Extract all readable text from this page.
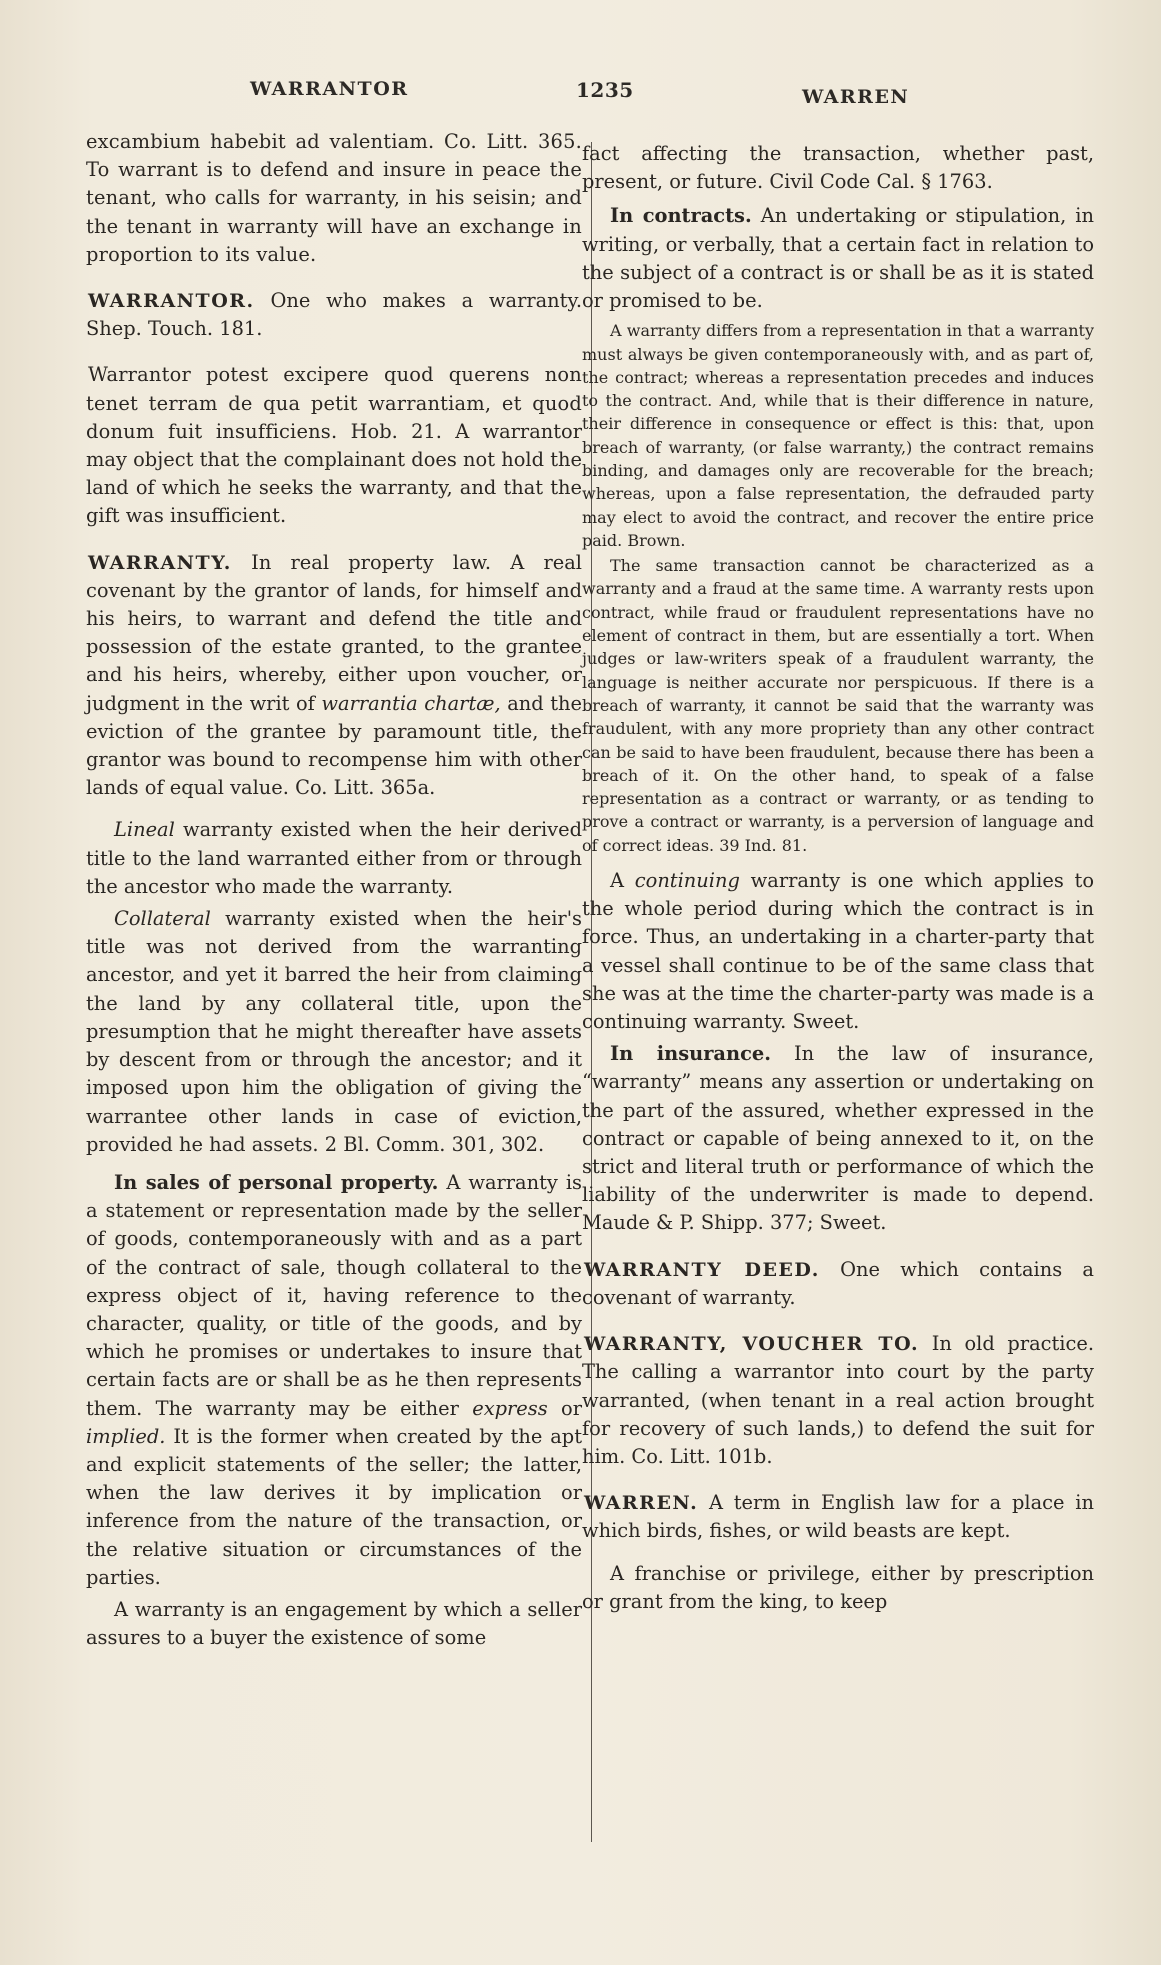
WARRANTOR	1235	WARREN

excambium habebit ad valentiam. Co. Litt. 365. To warrant is to defend and insure in peace the tenant, who calls for warranty, in his seisin; and the tenant in warranty will have an exchange in proportion to its value.

WARRANTOR. One who makes a warranty. Shep. Touch. 181.

Warrantor potest excipere quod querens non tenet terram de qua petit warrantiam, et quod donum fuit insufficiens. Hob. 21. A warrantor may object that the complainant does not hold the land of which he seeks the warranty, and that the gift was insufficient.

WARRANTY. In real property law. A real covenant by the grantor of lands, for himself and his heirs, to warrant and defend the title and possession of the estate granted, to the grantee and his heirs, whereby, either upon voucher, or judgment in the writ of warrantia chartæ, and the eviction of the grantee by paramount title, the grantor was bound to recompense him with other lands of equal value. Co. Litt. 365a.

Lineal warranty existed when the heir derived title to the land warranted either from or through the ancestor who made the warranty.

Collateral warranty existed when the heir's title was not derived from the warranting ancestor, and yet it barred the heir from claiming the land by any collateral title, upon the presumption that he might thereafter have assets by descent from or through the ancestor; and it imposed upon him the obligation of giving the warrantee other lands in case of eviction, provided he had assets. 2 Bl. Comm. 301, 302.

In sales of personal property. A warranty is a statement or representation made by the seller of goods, contemporaneously with and as a part of the contract of sale, though collateral to the express object of it, having reference to the character, quality, or title of the goods, and by which he promises or undertakes to insure that certain facts are or shall be as he then represents them. The warranty may be either express or implied. It is the former when created by the apt and explicit statements of the seller; the latter, when the law derives it by implication or inference from the nature of the transaction, or the relative situation or circumstances of the parties.

A warranty is an engagement by which a seller assures to a buyer the existence of some

fact affecting the transaction, whether past, present, or future. Civil Code Cal. § 1763.

In contracts. An undertaking or stipulation, in writing, or verbally, that a certain fact in relation to the subject of a contract is or shall be as it is stated or promised to be.

A warranty differs from a representation in that a warranty must always be given contemporaneously with, and as part of, the contract; whereas a representation precedes and induces to the contract. And, while that is their difference in nature, their difference in consequence or effect is this: that, upon breach of warranty, (or false warranty,) the contract remains binding, and damages only are recoverable for the breach; whereas, upon a false representation, the defrauded party may elect to avoid the contract, and recover the entire price paid. Brown.

The same transaction cannot be characterized as a warranty and a fraud at the same time. A warranty rests upon contract, while fraud or fraudulent representations have no element of contract in them, but are essentially a tort. When judges or law-writers speak of a fraudulent warranty, the language is neither accurate nor perspicuous. If there is a breach of warranty, it cannot be said that the warranty was fraudulent, with any more propriety than any other contract can be said to have been fraudulent, because there has been a breach of it. On the other hand, to speak of a false representation as a contract or warranty, or as tending to prove a contract or warranty, is a perversion of language and of correct ideas. 39 Ind. 81.

A continuing warranty is one which applies to the whole period during which the contract is in force. Thus, an undertaking in a charter-party that a vessel shall continue to be of the same class that she was at the time the charter-party was made is a continuing warranty. Sweet.

In insurance. In the law of insurance, “warranty” means any assertion or undertaking on the part of the assured, whether expressed in the contract or capable of being annexed to it, on the strict and literal truth or performance of which the liability of the underwriter is made to depend. Maude & P. Shipp. 377; Sweet.

WARRANTY DEED. One which contains a covenant of warranty.

WARRANTY, VOUCHER TO. In old practice. The calling a warrantor into court by the party warranted, (when tenant in a real action brought for recovery of such lands,) to defend the suit for him. Co. Litt. 101b.

WARREN. A term in English law for a place in which birds, fishes, or wild beasts are kept.

A franchise or privilege, either by prescription or grant from the king, to keep
